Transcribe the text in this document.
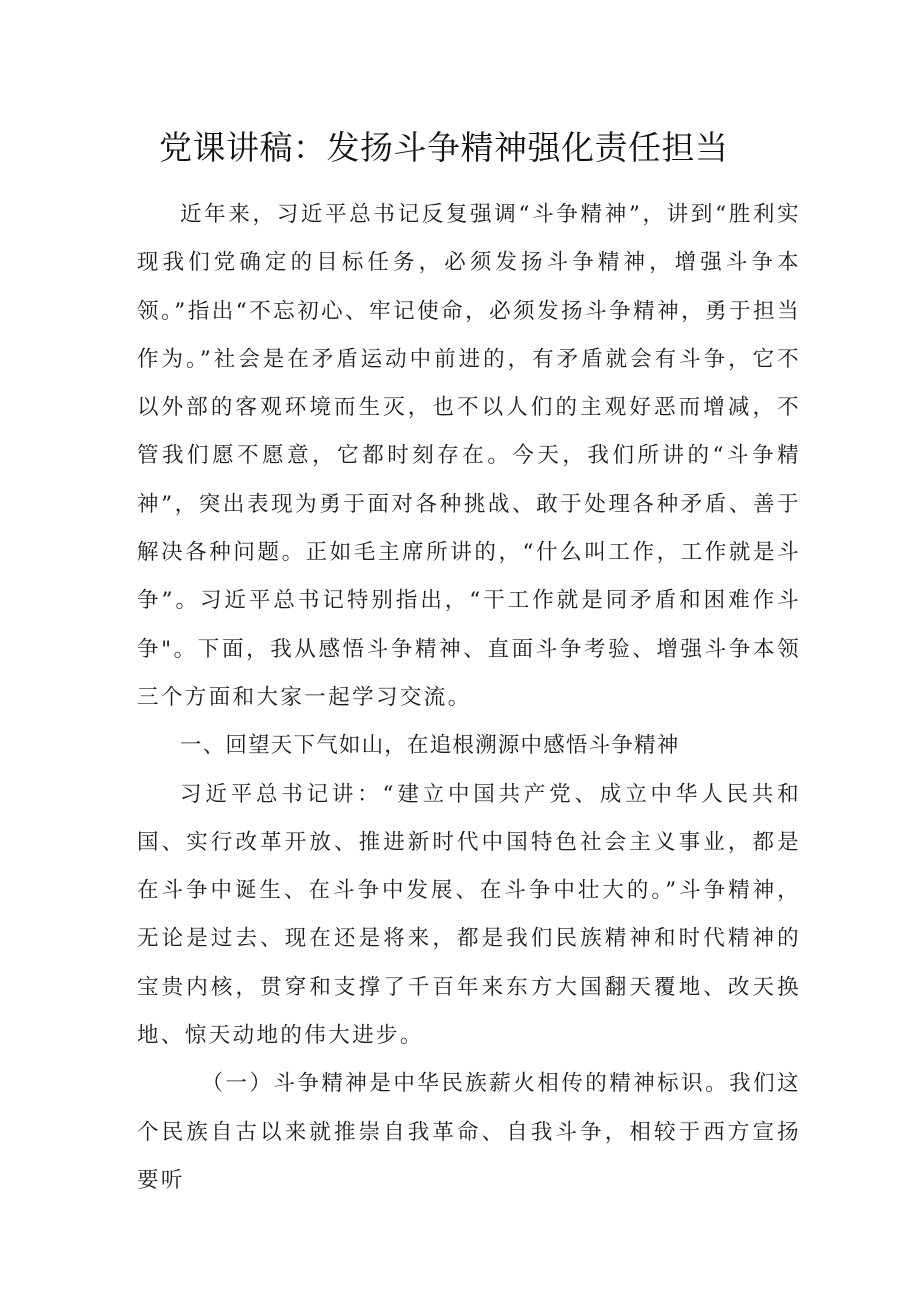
党课讲稿：发扬斗争精神强化责任担当

近年来，习近平总书记反复强调“斗争精神”，讲到“胜利实现我们党确定的目标任务，必须发扬斗争精神，增强斗争本领。”指出“不忘初心、牢记使命，必须发扬斗争精神，勇于担当作为。”社会是在矛盾运动中前进的，有矛盾就会有斗争，它不以外部的客观环境而生灭，也不以人们的主观好恶而增减，不管我们愿不愿意，它都时刻存在。今天，我们所讲的“斗争精神”，突出表现为勇于面对各种挑战、敢于处理各种矛盾、善于解决各种问题。正如毛主席所讲的，“什么叫工作，工作就是斗争”。习近平总书记特别指出，“干工作就是同矛盾和困难作斗争"。下面，我从感悟斗争精神、直面斗争考验、增强斗争本领三个方面和大家一起学习交流。

一、回望天下气如山，在追根溯源中感悟斗争精神

习近平总书记讲：“建立中国共产党、成立中华人民共和国、实行改革开放、推进新时代中国特色社会主义事业，都是在斗争中诞生、在斗争中发展、在斗争中壮大的。”斗争精神，无论是过去、现在还是将来，都是我们民族精神和时代精神的宝贵内核，贯穿和支撑了千百年来东方大国翻天覆地、改天换地、惊天动地的伟大进步。

（一）斗争精神是中华民族薪火相传的精神标识。我们这个民族自古以来就推崇自我革命、自我斗争，相较于西方宣扬要听
